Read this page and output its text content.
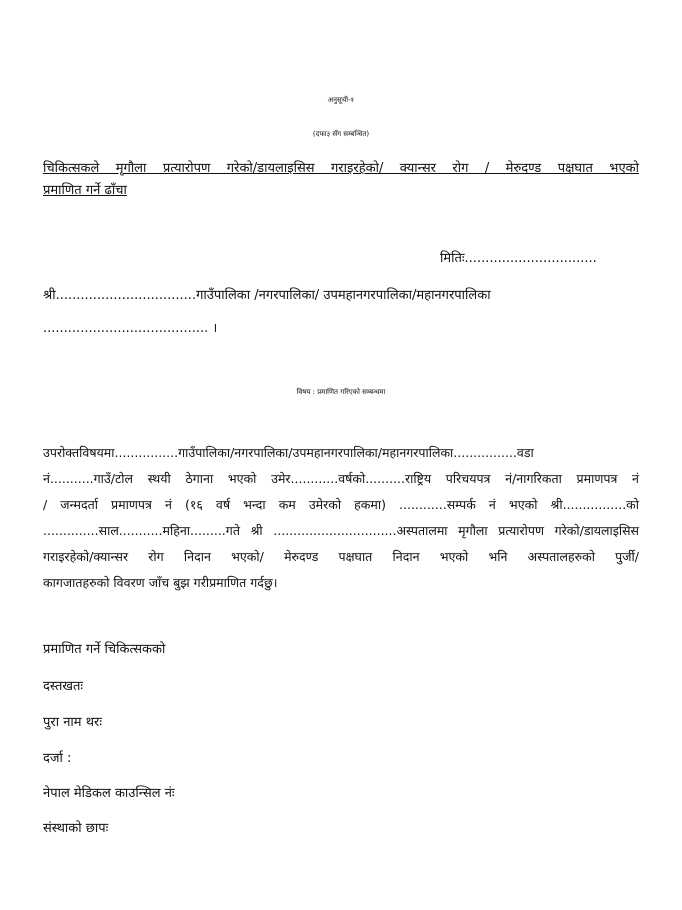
अनुसूची-१
(दफा३ सँग सम्बन्धित)
चिकित्सकले मृगौला प्रत्यारोपण गरेको/डायलाइसिस गराइरहेको/ क्यान्सर रोग / मेरुदण्ड पक्षघात भएको
प्रमाणित गर्ने ढाँचा
मितिः................................
श्री..................................गाउँपालिका /नगरपालिका/ उपमहानगरपालिका/महानगरपालिका
........................................ ।
विषय : प्रमाणित गरिएको सम्बन्धमा
उपरोक्तविषयमा................गाउँपालिका/नगरपालिका/उपमहानगरपालिका/महानगरपालिका................वडा
नं...........गाउँ/टोल स्थयी ठेगाना भएको उमेर............वर्षको..........राष्ट्रिय परिचयपत्र नं/नागरिकता प्रमाणपत्र नं
/ जन्मदर्ता प्रमाणपत्र नं (१६ वर्ष भन्दा कम उमेरको हकमा) ............सम्पर्क नं भएको श्री................को
..............साल...........महिना.........गते श्री ...............................अस्पतालमा मृगौला प्रत्यारोपण गरेको/डायलाइसिस
गराइरहेको/क्यान्सर रोग निदान भएको/ मेरुदण्ड पक्षघात निदान भएको भनि अस्पतालहरुको पुर्जी/
कागजातहरुको विवरण जाँच बुझ गरीप्रमाणित गर्दछु।
प्रमाणित गर्ने चिकित्सकको
दस्तखतः
पुरा नाम थरः
दर्जा :
नेपाल मेडिकल काउन्सिल नंः
संस्थाको छापः
